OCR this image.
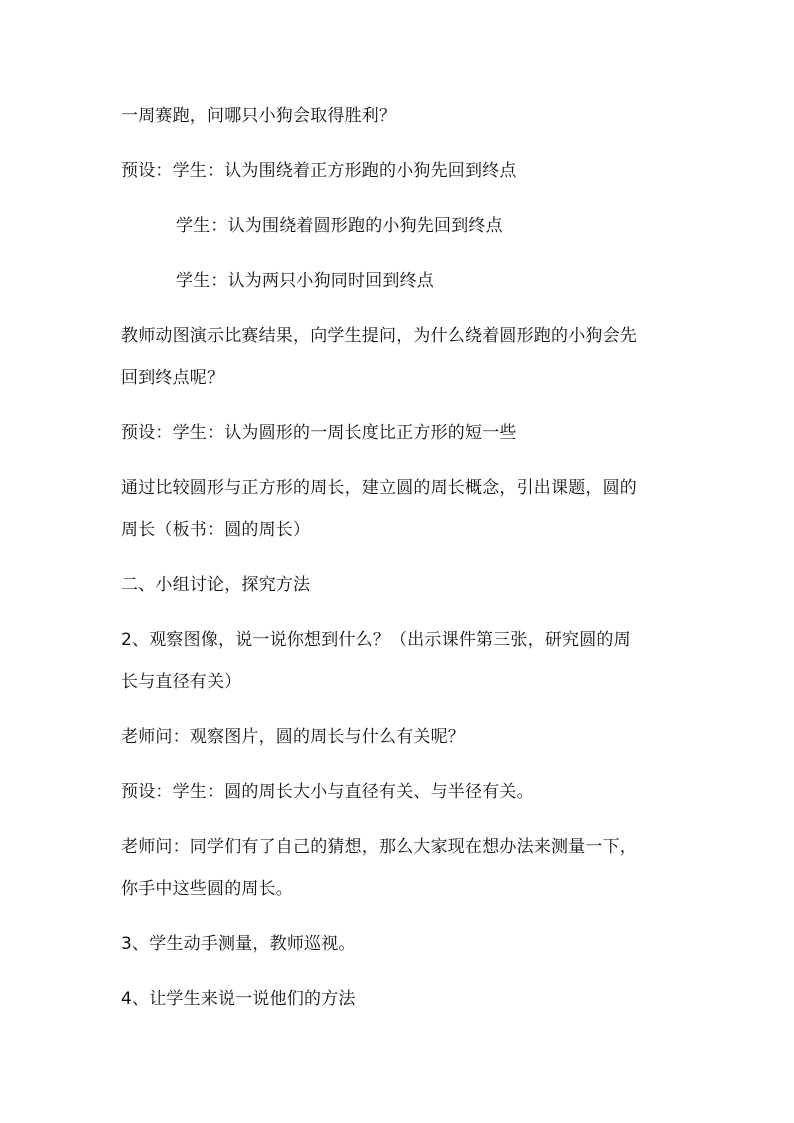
一周赛跑，问哪只小狗会取得胜利？
预设：学生：认为围绕着正方形跑的小狗先回到终点
学生：认为围绕着圆形跑的小狗先回到终点
学生：认为两只小狗同时回到终点
教师动图演示比赛结果，向学生提问，为什么绕着圆形跑的小狗会先
回到终点呢？
预设：学生：认为圆形的一周长度比正方形的短一些
通过比较圆形与正方形的周长，建立圆的周长概念，引出课题，圆的
周长（板书：圆的周长）
二、小组讨论，探究方法
2、观察图像，说一说你想到什么？（出示课件第三张，研究圆的周
长与直径有关）
老师问：观察图片，圆的周长与什么有关呢？
预设：学生：圆的周长大小与直径有关、与半径有关。
老师问：同学们有了自己的猜想，那么大家现在想办法来测量一下，
你手中这些圆的周长。
3、学生动手测量，教师巡视。
4、让学生来说一说他们的方法
